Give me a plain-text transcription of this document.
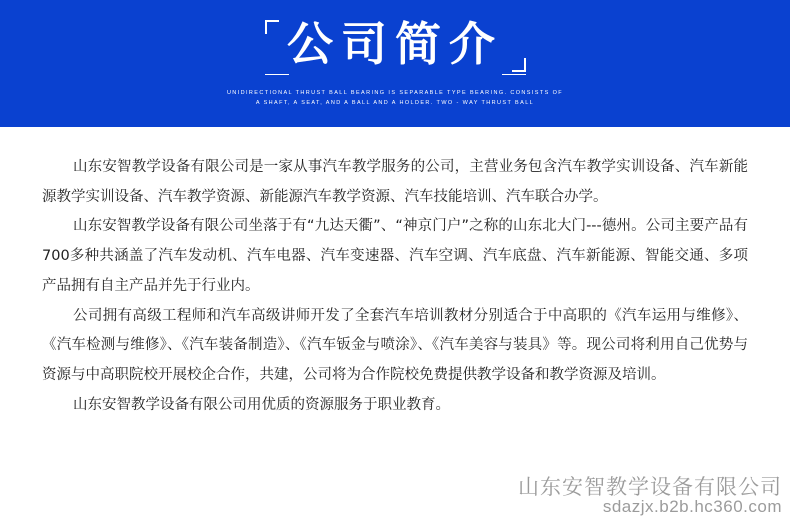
公司简介
UNIDIRECTIONAL THRUST BALL BEARING IS SEPARABLE TYPE BEARING. CONSISTS OF
A SHAFT, A SEAT, AND A BALL AND A HOLDER. TWO - WAY THRUST BALL

山东安智教学设备有限公司是一家从事汽车教学服务的公司，主营业务包含汽车教学实训设备、汽车新能源教学实训设备、汽车教学资源、新能源汽车教学资源、汽车技能培训、汽车联合办学。

山东安智教学设备有限公司坐落于有“九达天衢”、“神京门户”之称的山东北大门---德州。公司主要产品有700多种共涵盖了汽车发动机、汽车电器、汽车变速器、汽车空调、汽车底盘、汽车新能源、智能交通、多项产品拥有自主产品并先于行业内。

公司拥有高级工程师和汽车高级讲师开发了全套汽车培训教材分别适合于中高职的《汽车运用与维修》、《汽车检测与维修》、《汽车装备制造》、《汽车钣金与喷涂》、《汽车美容与装具》等。现公司将利用自己优势与资源与中高职院校开展校企合作，共建，公司将为合作院校免费提供教学设备和教学资源及培训。

山东安智教学设备有限公司用优质的资源服务于职业教育。

山东安智教学设备有限公司
sdazjx.b2b.hc360.com
